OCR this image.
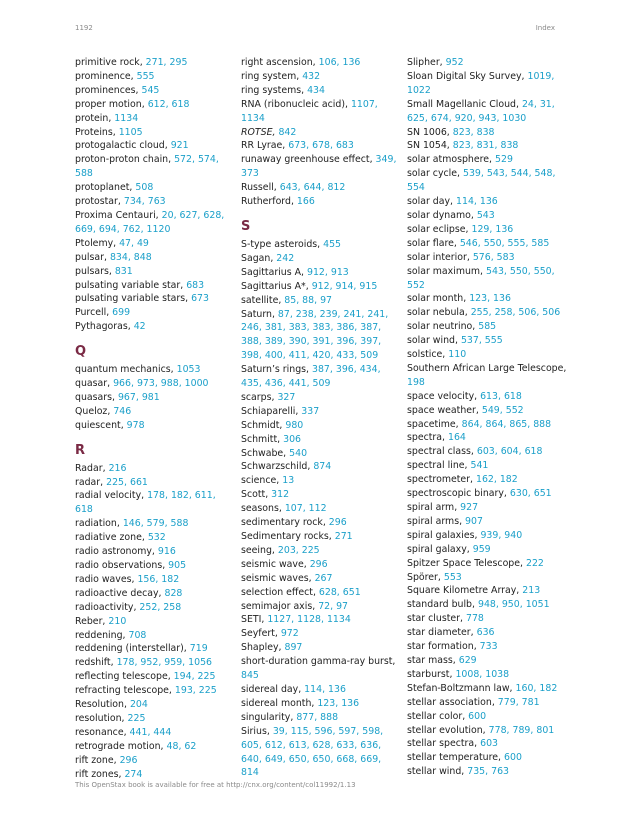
1192	Index

primitive rock, 271, 295

prominence, 555

prominences, 545

proper motion, 612, 618

protein, 1134

Proteins, 1105

protogalactic cloud, 921

proton-proton chain, 572, 574, 588

protoplanet, 508

protostar, 734, 763

Proxima Centauri, 20, 627, 628, 669, 694, 762, 1120

Ptolemy, 47, 49

pulsar, 834, 848

pulsars, 831

pulsating variable star, 683

pulsating variable stars, 673

Purcell, 699

Pythagoras, 42

Q

quantum mechanics, 1053

quasar, 966, 973, 988, 1000

quasars, 967, 981

Queloz, 746

quiescent, 978

R

Radar, 216

radar, 225, 661

radial velocity, 178, 182, 611, 618

radiation, 146, 579, 588

radiative zone, 532

radio astronomy, 916

radio observations, 905

radio waves, 156, 182

radioactive decay, 828

radioactivity, 252, 258

Reber, 210

reddening, 708

reddening (interstellar), 719

redshift, 178, 952, 959, 1056

reflecting telescope, 194, 225

refracting telescope, 193, 225

Resolution, 204

resolution, 225

resonance, 441, 444

retrograde motion, 48, 62

rift zone, 296

rift zones, 274

right ascension, 106, 136

ring system, 432

ring systems, 434

RNA (ribonucleic acid), 1107, 1134

ROTSE, 842

RR Lyrae, 673, 678, 683

runaway greenhouse effect, 349, 373

Russell, 643, 644, 812

Rutherford, 166

S

S-type asteroids, 455

Sagan, 242

Sagittarius A, 912, 913

Sagittarius A*, 912, 914, 915

satellite, 85, 88, 97

Saturn, 87, 238, 239, 241, 241, 246, 381, 383, 383, 386, 387, 388, 389, 390, 391, 396, 397, 398, 400, 411, 420, 433, 509

Saturn’s rings, 387, 396, 434, 435, 436, 441, 509

scarps, 327

Schiaparelli, 337

Schmidt, 980

Schmitt, 306

Schwabe, 540

Schwarzschild, 874

science, 13

Scott, 312

seasons, 107, 112

sedimentary rock, 296

Sedimentary rocks, 271

seeing, 203, 225

seismic wave, 296

seismic waves, 267

selection effect, 628, 651

semimajor axis, 72, 97

SETI, 1127, 1128, 1134

Seyfert, 972

Shapley, 897

short-duration gamma-ray burst, 845

sidereal day, 114, 136

sidereal month, 123, 136

singularity, 877, 888

Sirius, 39, 115, 596, 597, 598, 605, 612, 613, 628, 633, 636, 640, 649, 650, 650, 668, 669, 814

Slipher, 952

Sloan Digital Sky Survey, 1019, 1022

Small Magellanic Cloud, 24, 31, 625, 674, 920, 943, 1030

SN 1006, 823, 838

SN 1054, 823, 831, 838

solar atmosphere, 529

solar cycle, 539, 543, 544, 548, 554

solar day, 114, 136

solar dynamo, 543

solar eclipse, 129, 136

solar flare, 546, 550, 555, 585

solar interior, 576, 583

solar maximum, 543, 550, 550, 552

solar month, 123, 136

solar nebula, 255, 258, 506, 506

solar neutrino, 585

solar wind, 537, 555

solstice, 110

Southern African Large Telescope, 198

space velocity, 613, 618

space weather, 549, 552

spacetime, 864, 864, 865, 888

spectra, 164

spectral class, 603, 604, 618

spectral line, 541

spectrometer, 162, 182

spectroscopic binary, 630, 651

spiral arm, 927

spiral arms, 907

spiral galaxies, 939, 940

spiral galaxy, 959

Spitzer Space Telescope, 222

Spörer, 553

Square Kilometre Array, 213

standard bulb, 948, 950, 1051

star cluster, 778

star diameter, 636

star formation, 733

star mass, 629

starburst, 1008, 1038

Stefan-Boltzmann law, 160, 182

stellar association, 779, 781

stellar color, 600

stellar evolution, 778, 789, 801

stellar spectra, 603

stellar temperature, 600

stellar wind, 735, 763

This OpenStax book is available for free at http://cnx.org/content/col11992/1.13
